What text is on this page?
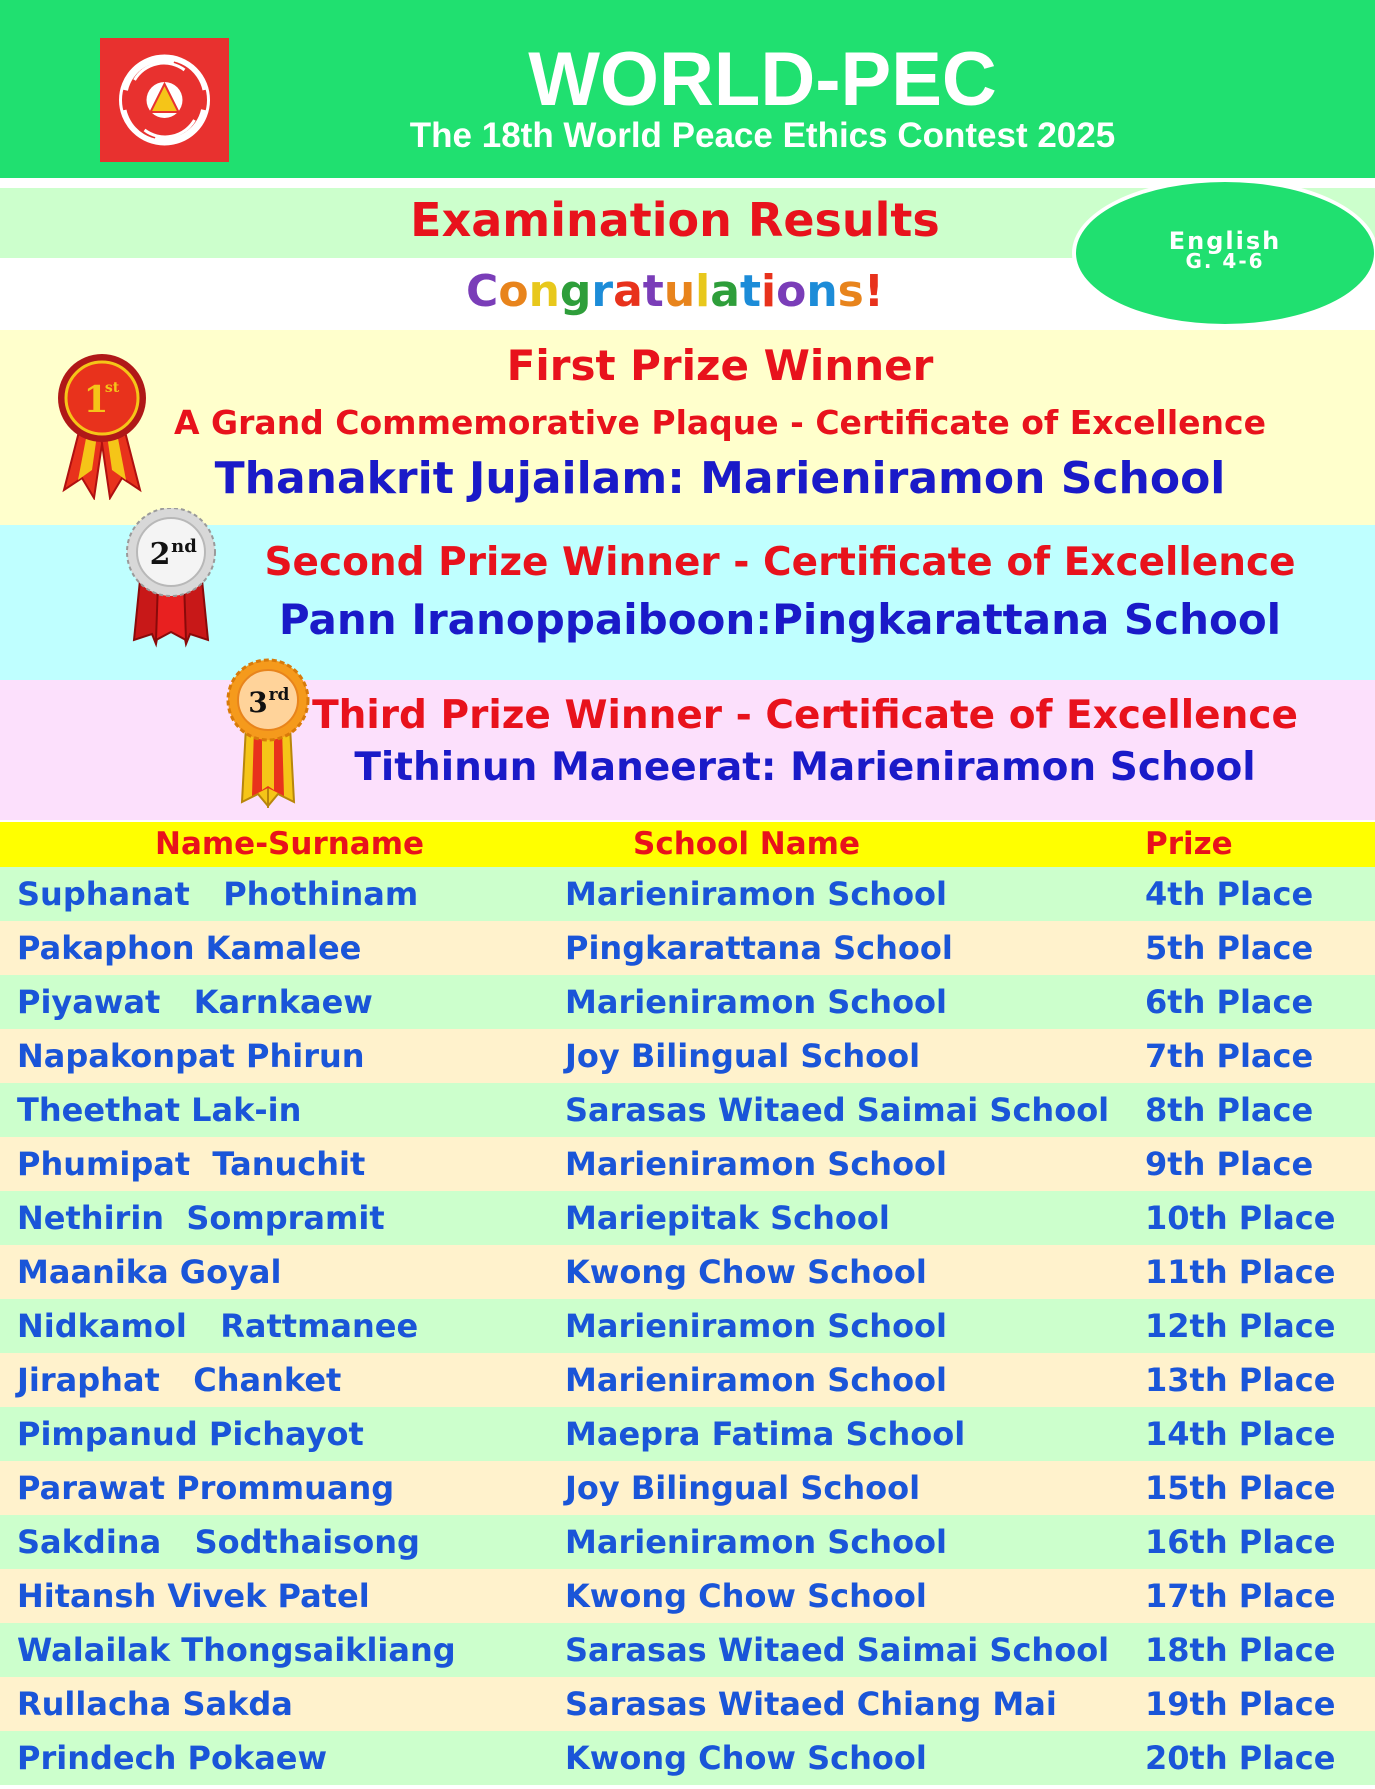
WORLD-PEC
The 18th World Peace Ethics Contest 2025
Examination Results
Congratulations!
English
G. 4-6
1
st	First Prize Winner
A Grand Commemorative Plaque - Certificate of Excellence
Thanakrit Jujailam: Marieniramon School
2 nd	Second Prize Winner - Certificate of Excellence
Pann Iranoppaiboon:Pingkarattana School
3 rd Third Prize Winner - Certificate of Excellence
Tithinun Maneerat: Marieniramon School
Name-Surname	School Name	Prize
Suphanat   Phothinam	Marieniramon School	4th Place
Pakaphon Kamalee	Pingkarattana School	5th Place
Piyawat   Karnkaew	Marieniramon School	6th Place
Napakonpat Phirun	Joy Bilingual School	7th Place
Theethat Lak-in	Sarasas Witaed Saimai School 8th Place
Phumipat  Tanuchit	Marieniramon School	9th Place
Nethirin  Sompramit	Mariepitak School	10th Place
Maanika Goyal	Kwong Chow School	11th Place
Nidkamol   Rattmanee	Marieniramon School	12th Place
Jiraphat   Chanket	Marieniramon School	13th Place
Pimpanud Pichayot	Maepra Fatima School	14th Place
Parawat Prommuang	Joy Bilingual School	15th Place
Sakdina   Sodthaisong	Marieniramon School	16th Place
Hitansh Vivek Patel	Kwong Chow School	17th Place
Walailak Thongsaikliang	Sarasas Witaed Saimai School 18th Place
Rullacha Sakda	Sarasas Witaed Chiang Mai	19th Place
Prindech Pokaew	Kwong Chow School	20th Place
